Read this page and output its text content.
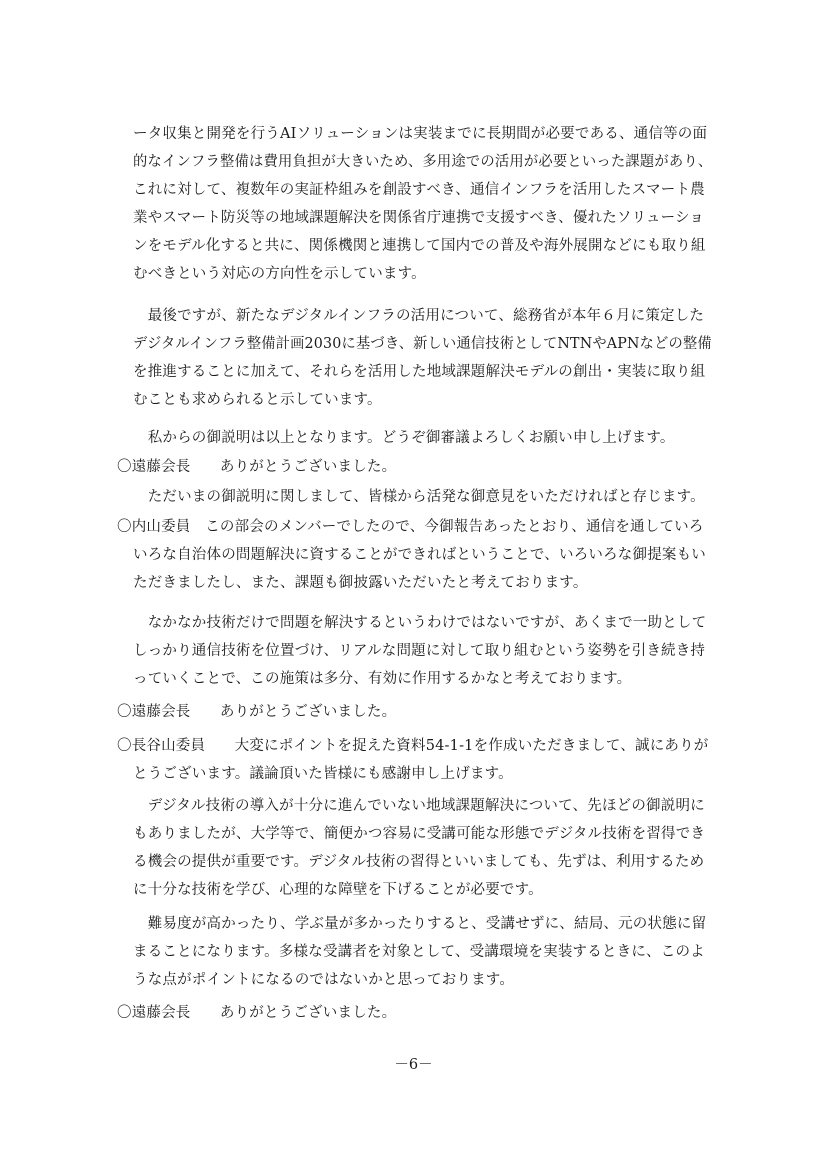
ータ収集と開発を行うAIソリューションは実装までに長期間が必要である、通信等の面
的なインフラ整備は費用負担が大きいため、多用途での活用が必要といった課題があり、
これに対して、複数年の実証枠組みを創設すべき、通信インフラを活用したスマート農
業やスマート防災等の地域課題解決を関係省庁連携で支援すべき、優れたソリューショ
ンをモデル化すると共に、関係機関と連携して国内での普及や海外展開などにも取り組
むべきという対応の方向性を示しています。
　最後ですが、新たなデジタルインフラの活用について、総務省が本年６月に策定した
デジタルインフラ整備計画2030に基づき、新しい通信技術としてNTNやAPNなどの整備
を推進することに加えて、それらを活用した地域課題解決モデルの創出・実装に取り組
むことも求められると示しています。
　私からの御説明は以上となります。どうぞ御審議よろしくお願い申し上げます。
〇遠藤会長　　ありがとうございました。
　ただいまの御説明に関しまして、皆様から活発な御意見をいただければと存じます。
〇内山委員　この部会のメンバーでしたので、今御報告あったとおり、通信を通していろ
いろな自治体の問題解決に資することができればということで、いろいろな御提案もい
ただきましたし、また、課題も御披露いただいたと考えております。
　なかなか技術だけで問題を解決するというわけではないですが、あくまで一助として
しっかり通信技術を位置づけ、リアルな問題に対して取り組むという姿勢を引き続き持
っていくことで、この施策は多分、有効に作用するかなと考えております。
〇遠藤会長　　ありがとうございました。
〇長谷山委員　　大変にポイントを捉えた資料54-1-1を作成いただきまして、誠にありが
とうございます。議論頂いた皆様にも感謝申し上げます。
　デジタル技術の導入が十分に進んでいない地域課題解決について、先ほどの御説明に
もありましたが、大学等で、簡便かつ容易に受講可能な形態でデジタル技術を習得でき
る機会の提供が重要です。デジタル技術の習得といいましても、先ずは、利用するため
に十分な技術を学び、心理的な障壁を下げることが必要です。
　難易度が高かったり、学ぶ量が多かったりすると、受講せずに、結局、元の状態に留
まることになります。多様な受講者を対象として、受講環境を実装するときに、このよ
うな点がポイントになるのではないかと思っております。
〇遠藤会長　　ありがとうございました。
－6－
